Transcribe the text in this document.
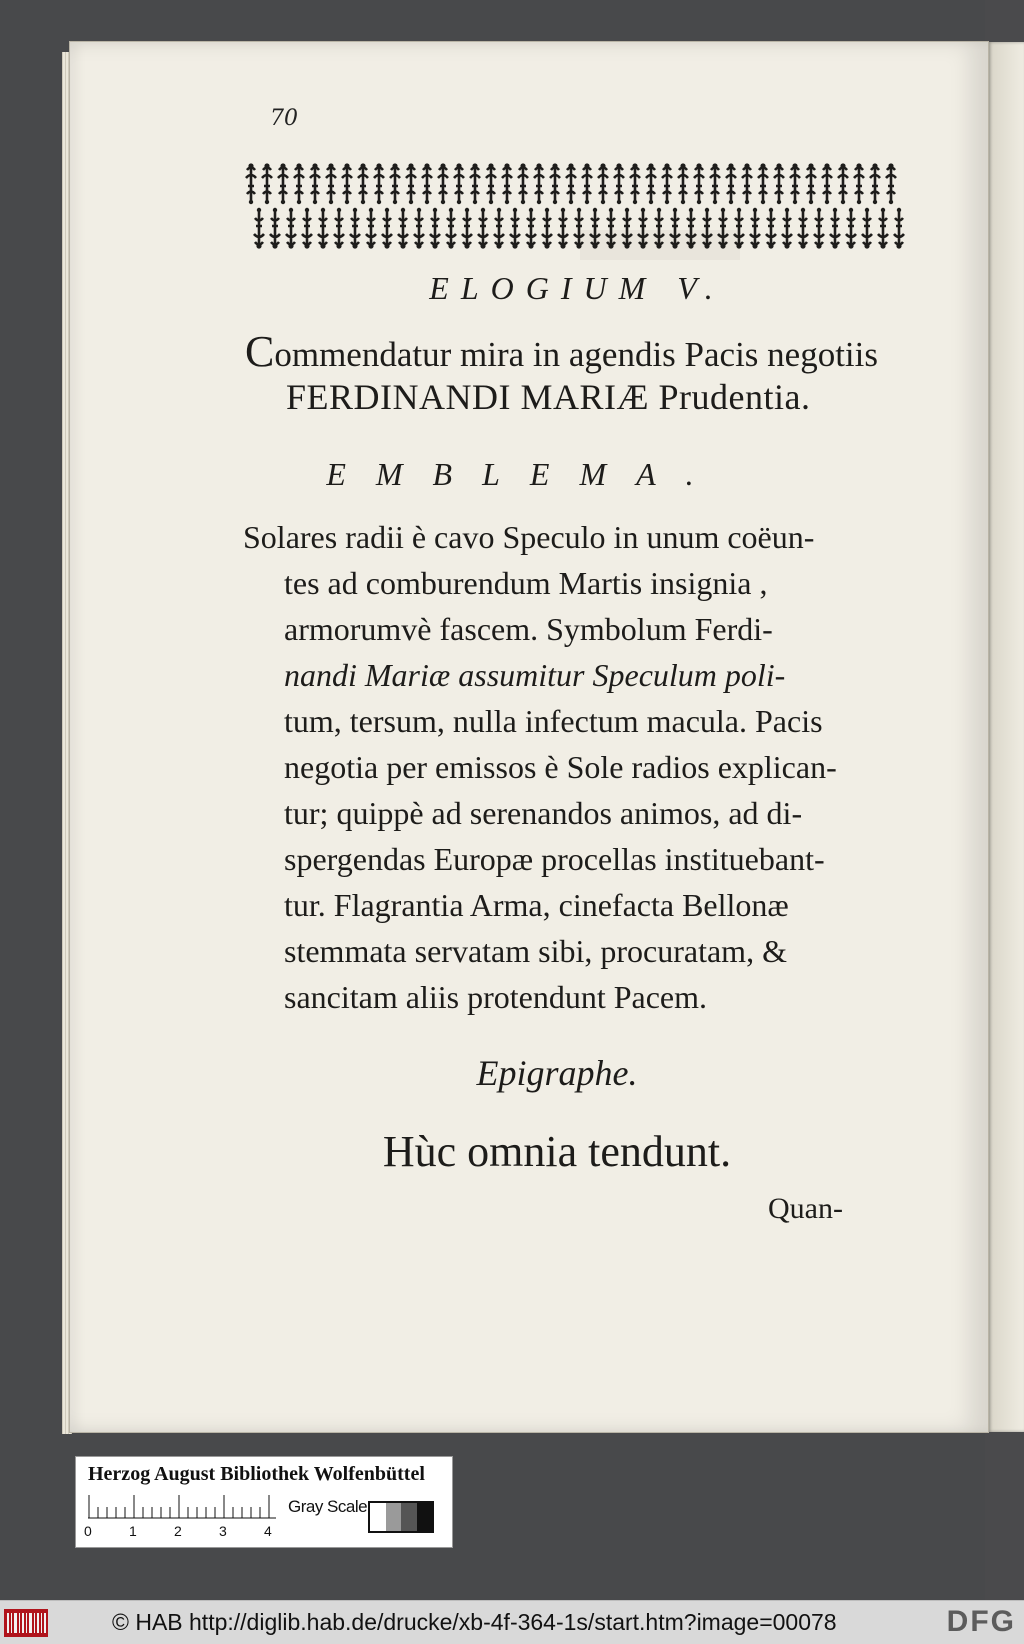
70
ELOGIUM V.
Commendatur mira in agendis Pacis negotiis
FERDINANDI MARIÆ Prudentia.
EMBLEMA.
Solares radii è cavo Speculo in unum coëun-
tes ad comburendum Martis insignia ,
armorumvè fascem. Symbolum Ferdi-
nandi Mariæ assumitur Speculum poli-
tum, tersum, nulla infectum macula. Pacis
negotia per emissos è Sole radios explican-
tur; quippè ad serenandos animos, ad di-
spergendas Europæ procellas instituebant-
tur. Flagrantia Arma, cinefacta Bellonæ
stemmata servatam sibi, procuratam, &
sancitam aliis protendunt Pacem.
Epigraphe.
Hùc omnia tendunt.
Quan-
Herzog August Bibliothek Wolfenbüttel
0	1	2	3	4
Gray Scale
© HAB http://diglib.hab.de/drucke/xb-4f-364-1s/start.htm?image=00078	DFG
